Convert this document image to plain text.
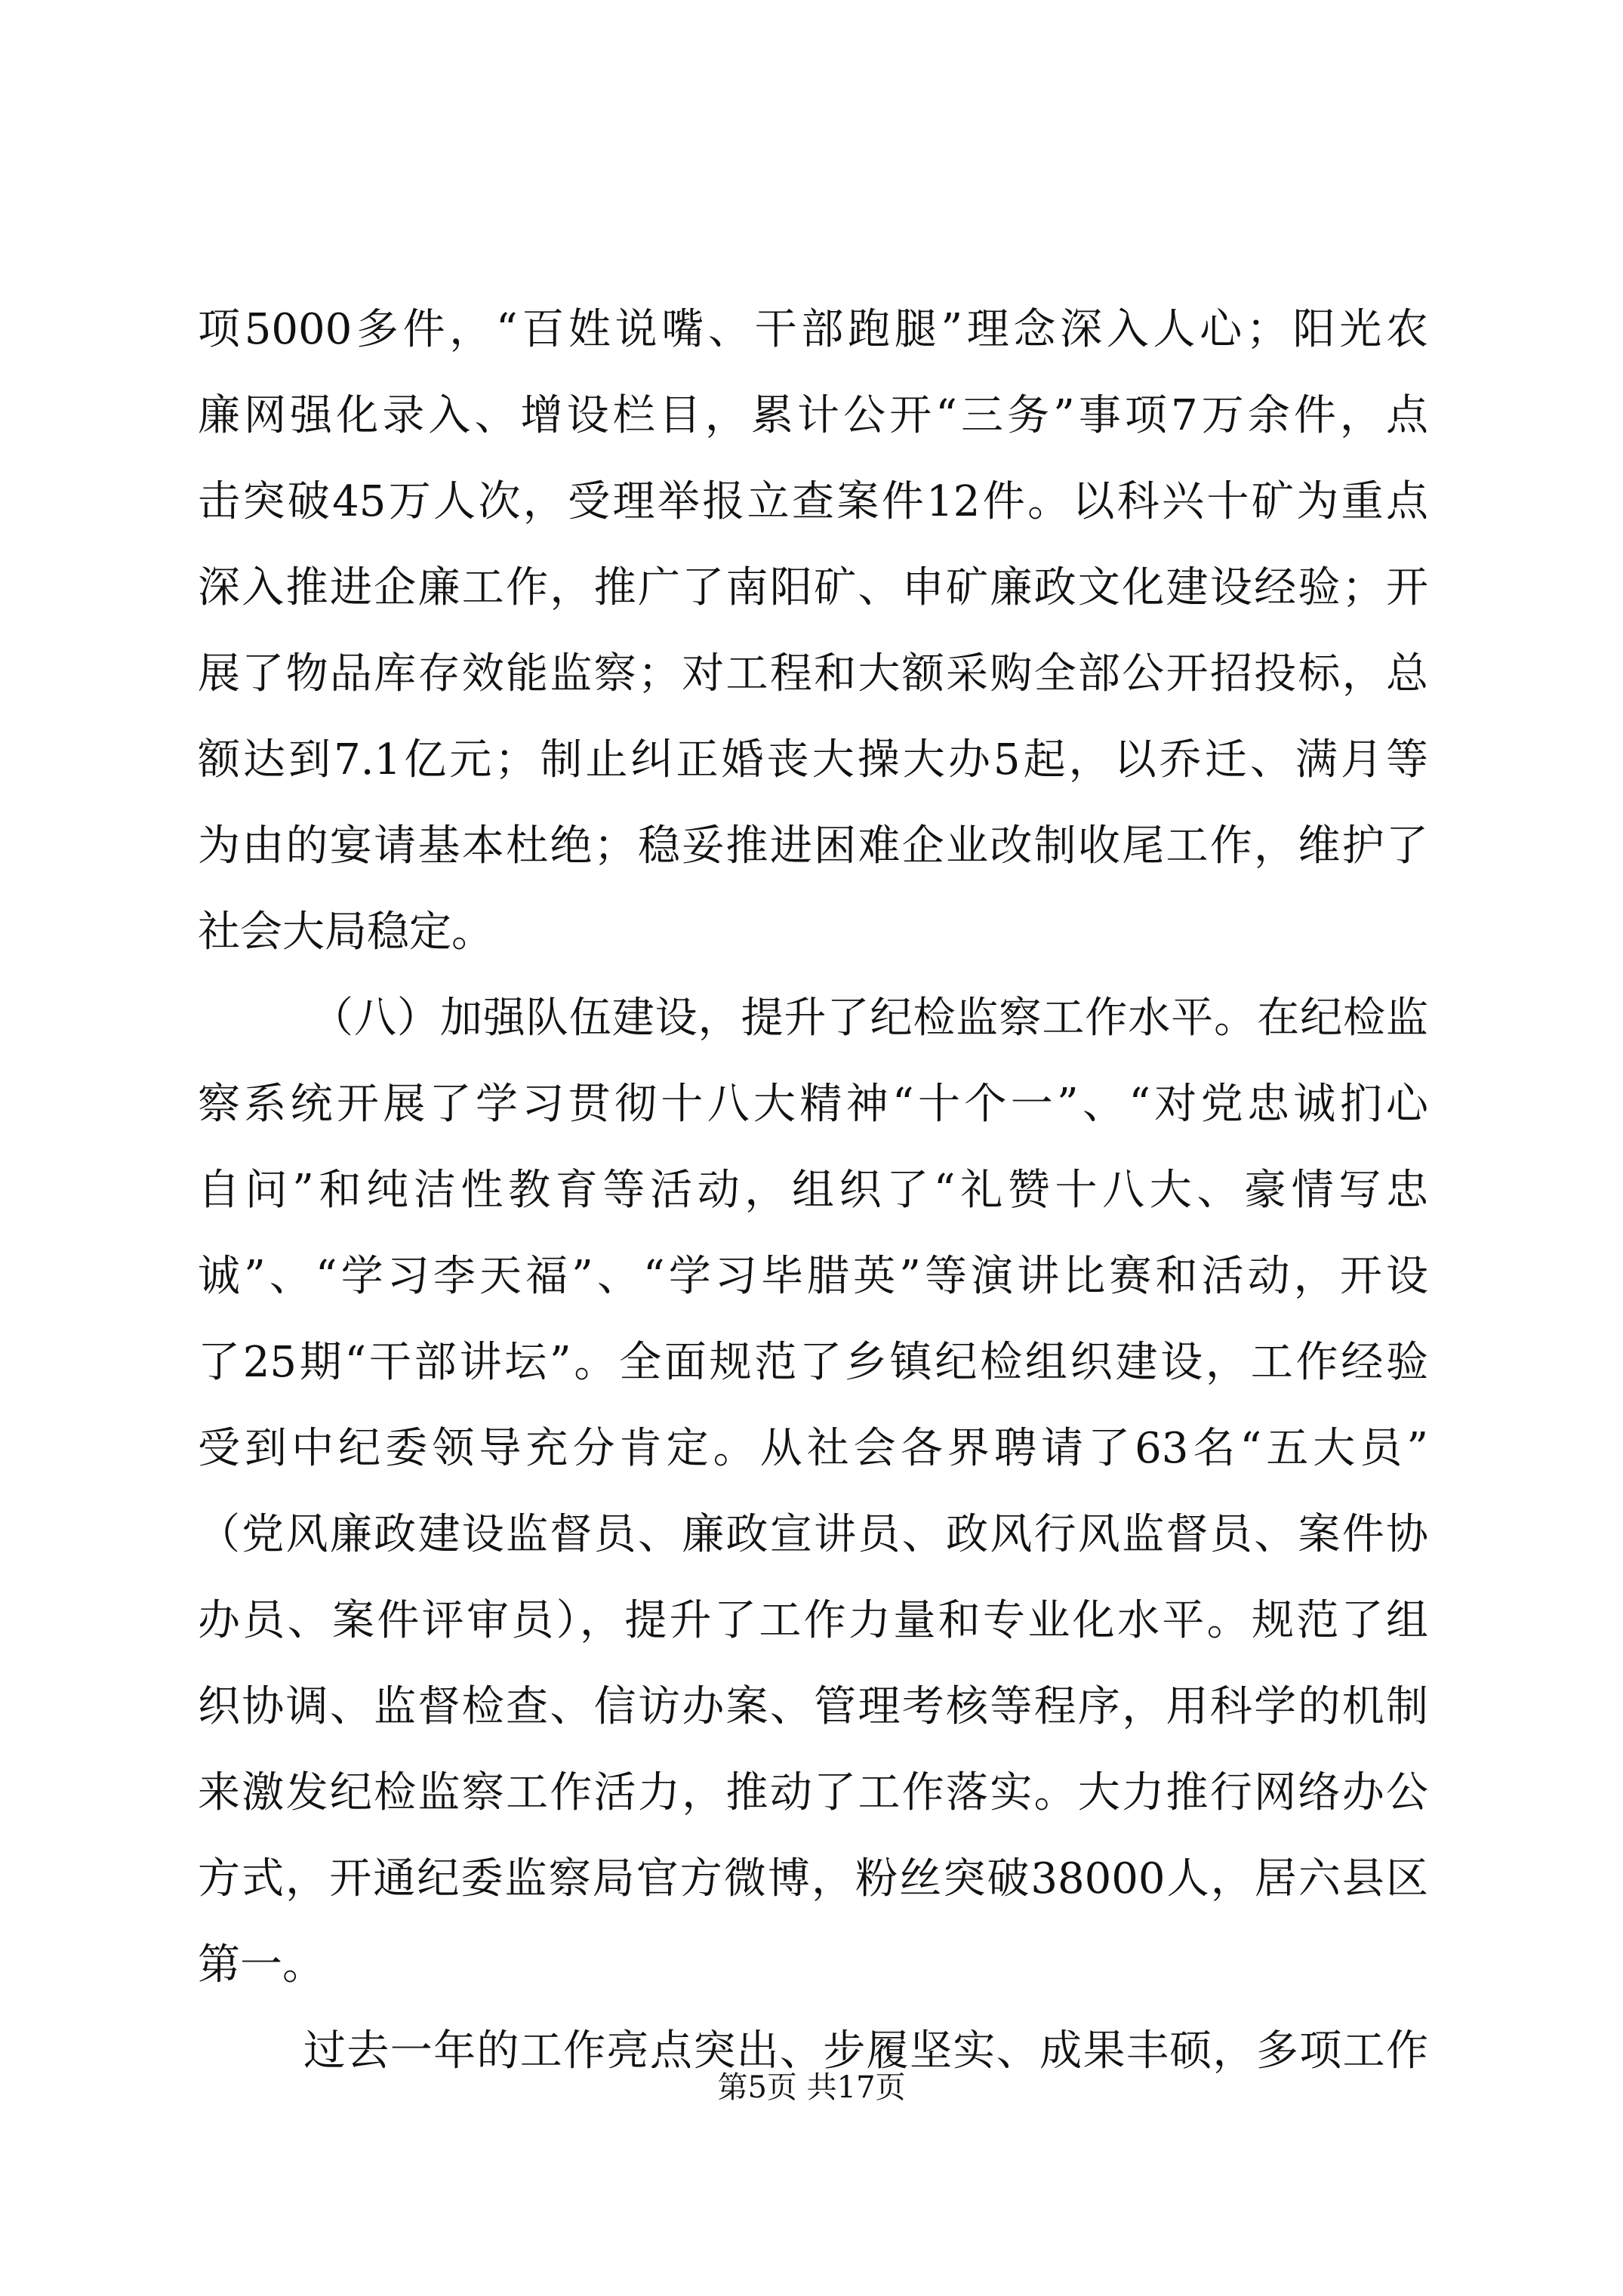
项5000多件，“百姓说嘴、干部跑腿”理念深入人心；阳光农
廉网强化录入、增设栏目，累计公开“三务”事项7万余件，点
击突破45万人次，受理举报立查案件12件。以科兴十矿为重点
深入推进企廉工作，推广了南阳矿、申矿廉政文化建设经验；开
展了物品库存效能监察；对工程和大额采购全部公开招投标，总
额达到7.1亿元；制止纠正婚丧大操大办5起，以乔迁、满月等
为由的宴请基本杜绝；稳妥推进困难企业改制收尾工作，维护了
社会大局稳定。
（八）加强队伍建设，提升了纪检监察工作水平。在纪检监
察系统开展了学习贯彻十八大精神“十个一”、“对党忠诚扪心
自问”和纯洁性教育等活动，组织了“礼赞十八大、豪情写忠
诚”、“学习李天福”、“学习毕腊英”等演讲比赛和活动，开设
了25期“干部讲坛”。全面规范了乡镇纪检组织建设，工作经验
受到中纪委领导充分肯定。从社会各界聘请了63名“五大员”
（党风廉政建设监督员、廉政宣讲员、政风行风监督员、案件协
办员、案件评审员），提升了工作力量和专业化水平。规范了组
织协调、监督检查、信访办案、管理考核等程序，用科学的机制
来激发纪检监察工作活力，推动了工作落实。大力推行网络办公
方式，开通纪委监察局官方微博，粉丝突破38000人，居六县区
第一。
过去一年的工作亮点突出、步履坚实、成果丰硕，多项工作
第5页 共17页
